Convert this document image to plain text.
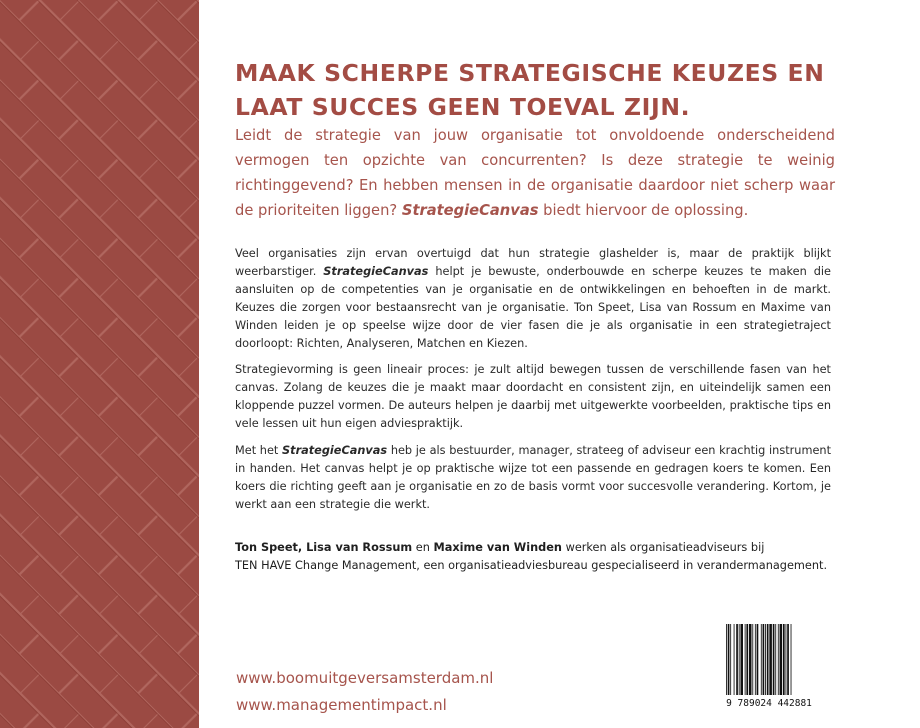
MAAK SCHERPE STRATEGISCHE KEUZES EN LAAT SUCCES GEEN TOEVAL ZIJN.

Leidt de strategie van jouw organisatie tot onvoldoende onderscheidend vermogen ten opzichte van concurrenten? Is deze strategie te weinig richtinggevend? En hebben mensen in de organisatie daardoor niet scherp waar de prioriteiten liggen? StrategieCanvas biedt hiervoor de oplossing.

Veel organisaties zijn ervan overtuigd dat hun strategie glashelder is, maar de praktijk blijkt weerbarstiger. StrategieCanvas helpt je bewuste, onderbouwde en scherpe keuzes te maken die aansluiten op de competenties van je organisatie en de ontwikkelingen en behoeften in de markt. Keuzes die zorgen voor bestaansrecht van je organisatie. Ton Speet, Lisa van Rossum en Maxime van Winden leiden je op speelse wijze door de vier fasen die je als organisatie in een strategietraject doorloopt: Richten, Analyseren, Matchen en Kiezen.

Strategievorming is geen lineair proces: je zult altijd bewegen tussen de verschillende fasen van het canvas. Zolang de keuzes die je maakt maar doordacht en consistent zijn, en uiteindelijk samen een kloppende puzzel vormen. De auteurs helpen je daarbij met uitgewerkte voorbeelden, praktische tips en vele lessen uit hun eigen adviespraktijk.

Met het StrategieCanvas heb je als bestuurder, manager, strateeg of adviseur een krachtig instrument in handen. Het canvas helpt je op praktische wijze tot een passende en gedragen koers te komen. Een koers die richting geeft aan je organisatie en zo de basis vormt voor succesvolle verandering. Kortom, je werkt aan een strategie die werkt.

Ton Speet, Lisa van Rossum en Maxime van Winden werken als organisatieadviseurs bij
TEN HAVE Change Management, een organisatieadviesbureau gespecialiseerd in verandermanagement.

www.boomuitgeversamsterdam.nl
www.managementimpact.nl	9 789024 442881
